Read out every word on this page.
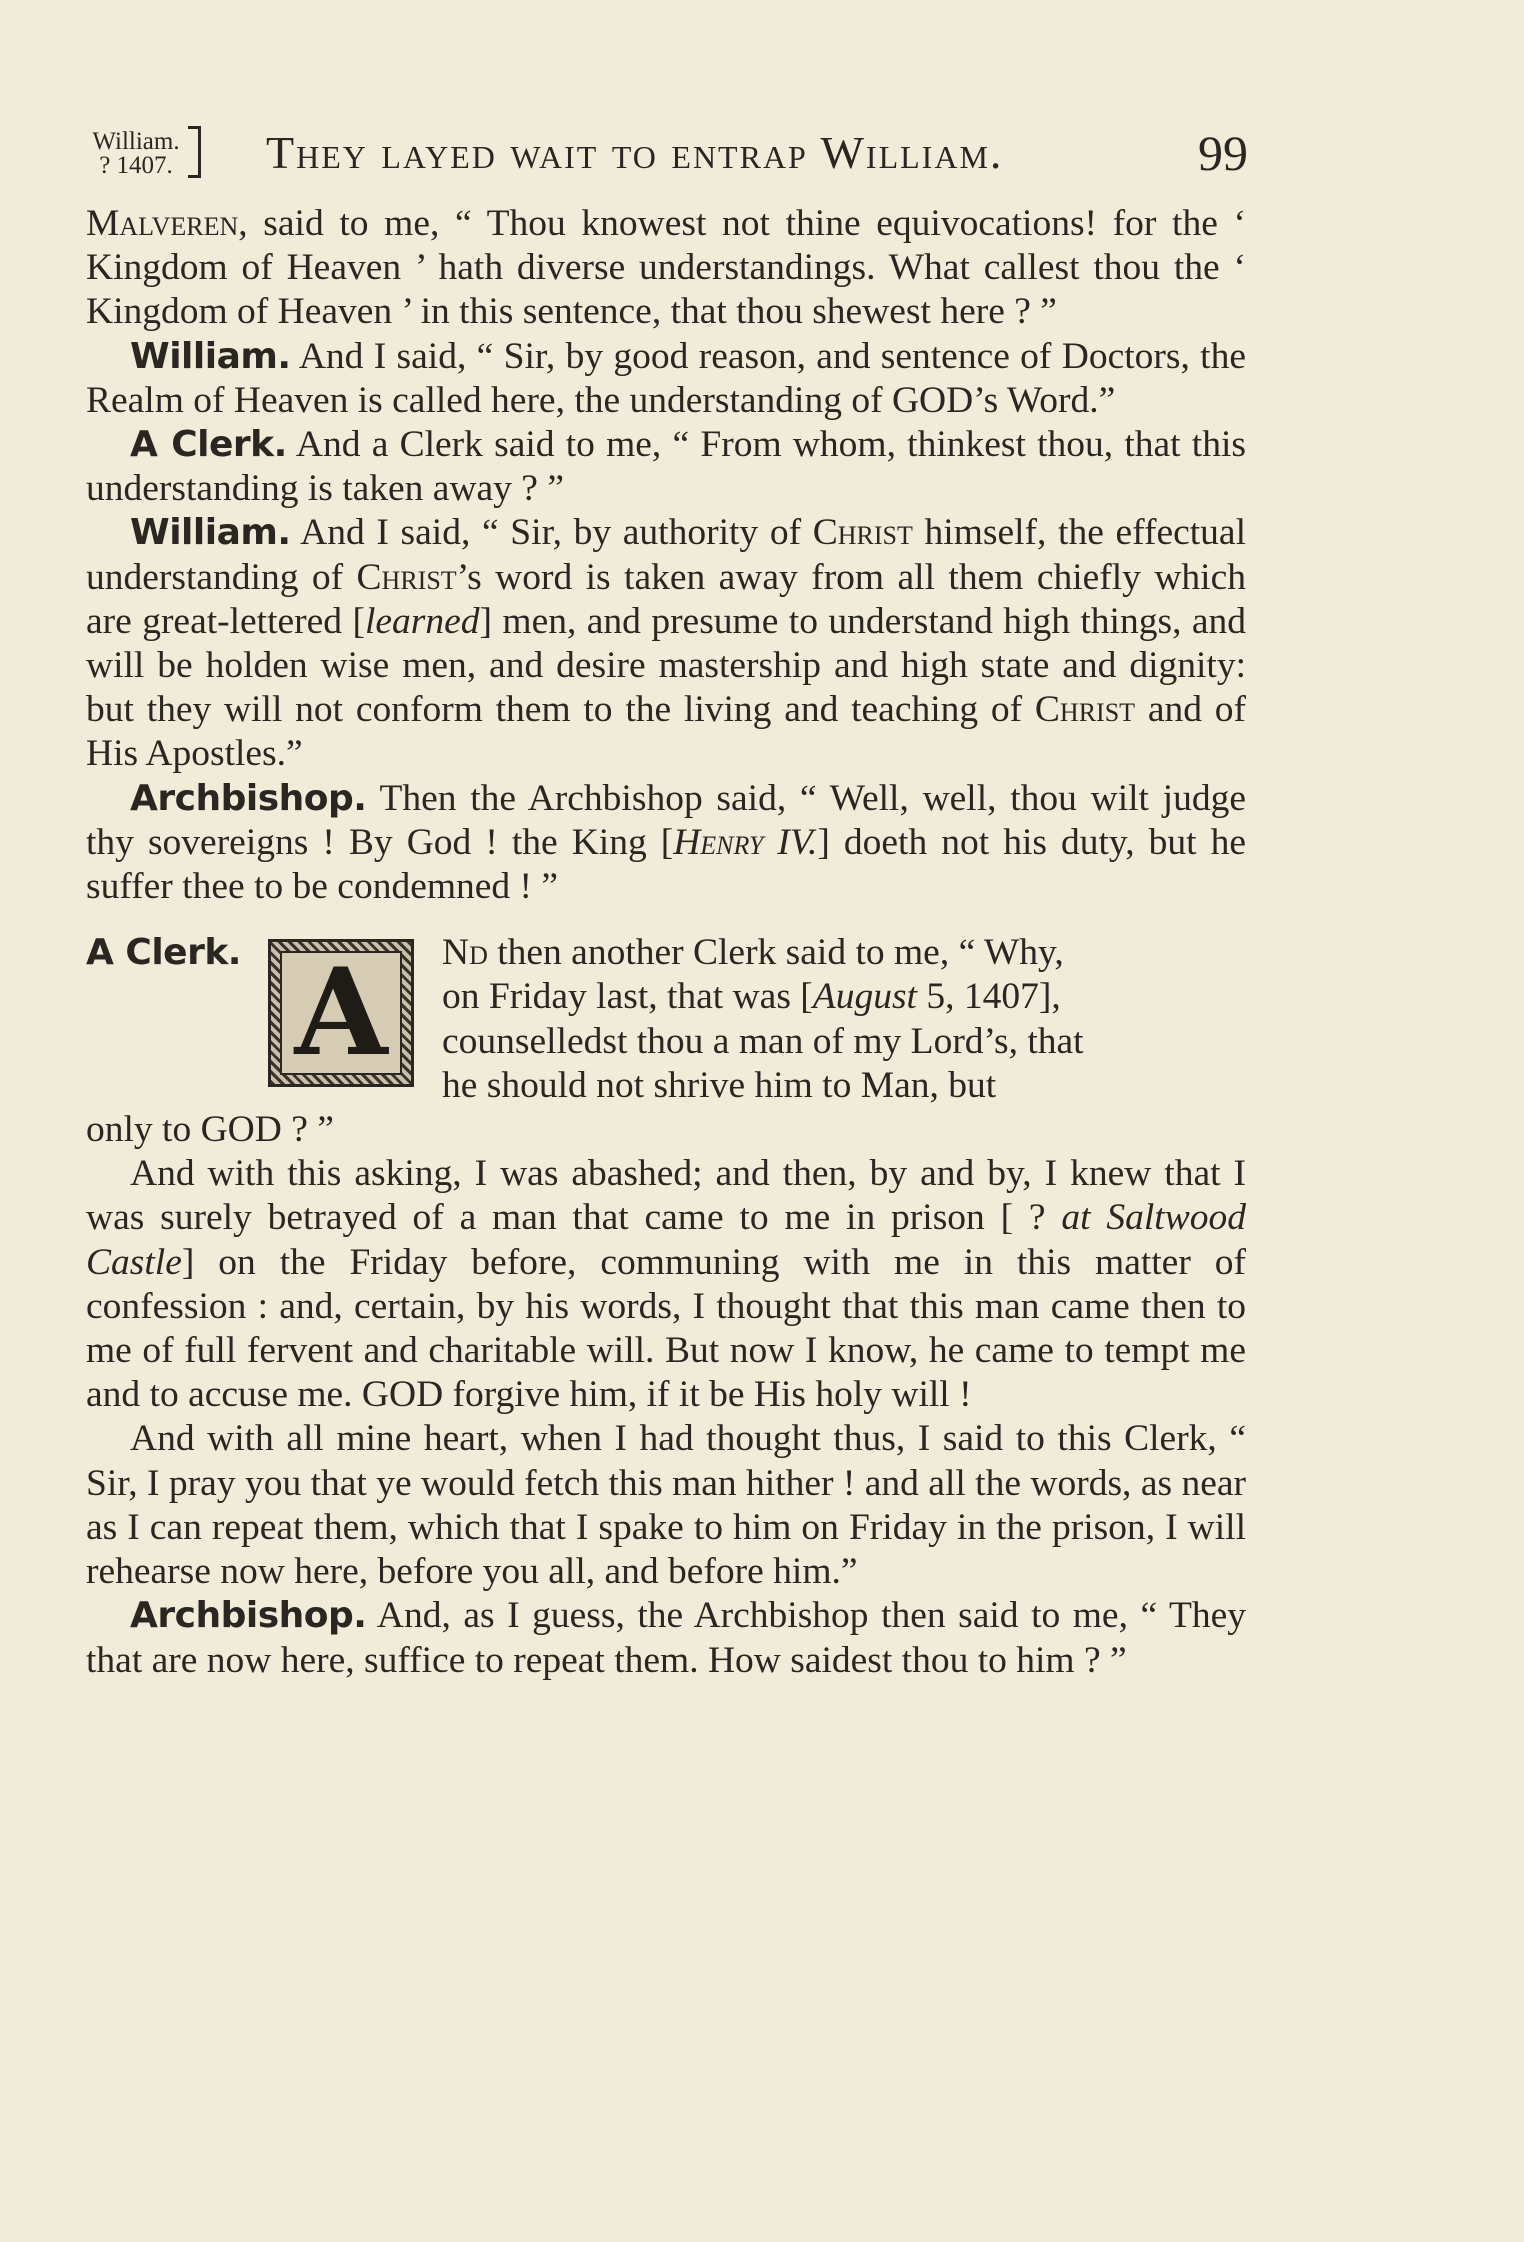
William.
? 1407. They layed wait to entrap William.	99

Malveren, said to me, “ Thou knowest not thine equivocations! for the ‘ Kingdom of Heaven ’ hath diverse understandings. What callest thou the ‘ Kingdom of Heaven ’ in this sentence, that thou shewest here ? ”

William. And I said, “ Sir, by good reason, and sentence of Doctors, the Realm of Heaven is called here, the understanding of GOD’s Word.”

A Clerk. And a Clerk said to me, “ From whom, thinkest thou, that this understanding is taken away ? ”

William. And I said, “ Sir, by authority of Christ himself, the effectual understanding of Christ’s word is taken away from all them chiefly which are great-lettered [learned] men, and presume to understand high things, and will be holden wise men, and desire mastership and high state and dignity: but they will not conform them to the living and teaching of Christ and of His Apostles.”

Archbishop. Then the Archbishop said, “ Well, well, thou wilt judge thy sovereigns ! By God ! the King [Henry IV.] doeth not his duty, but he suffer thee to be condemned ! ”

A Clerk. A Nd then another Clerk said to me, “ Why,
on Friday last, that was [August 5, 1407],
counselledst thou a man of my Lord’s, that
he should not shrive him to Man, but
only to GOD ? ”

And with this asking, I was abashed; and then, by and by, I knew that I was surely betrayed of a man that came to me in prison [ ? at Saltwood Castle] on the Friday before, communing with me in this matter of confession : and, certain, by his words, I thought that this man came then to me of full fervent and charitable will. But now I know, he came to tempt me and to accuse me. GOD forgive him, if it be His holy will !

And with all mine heart, when I had thought thus, I said to this Clerk, “ Sir, I pray you that ye would fetch this man hither ! and all the words, as near as I can repeat them, which that I spake to him on Friday in the prison, I will rehearse now here, before you all, and before him.”

Archbishop. And, as I guess, the Archbishop then said to me, “ They that are now here, suffice to repeat them. How saidest thou to him ? ”
